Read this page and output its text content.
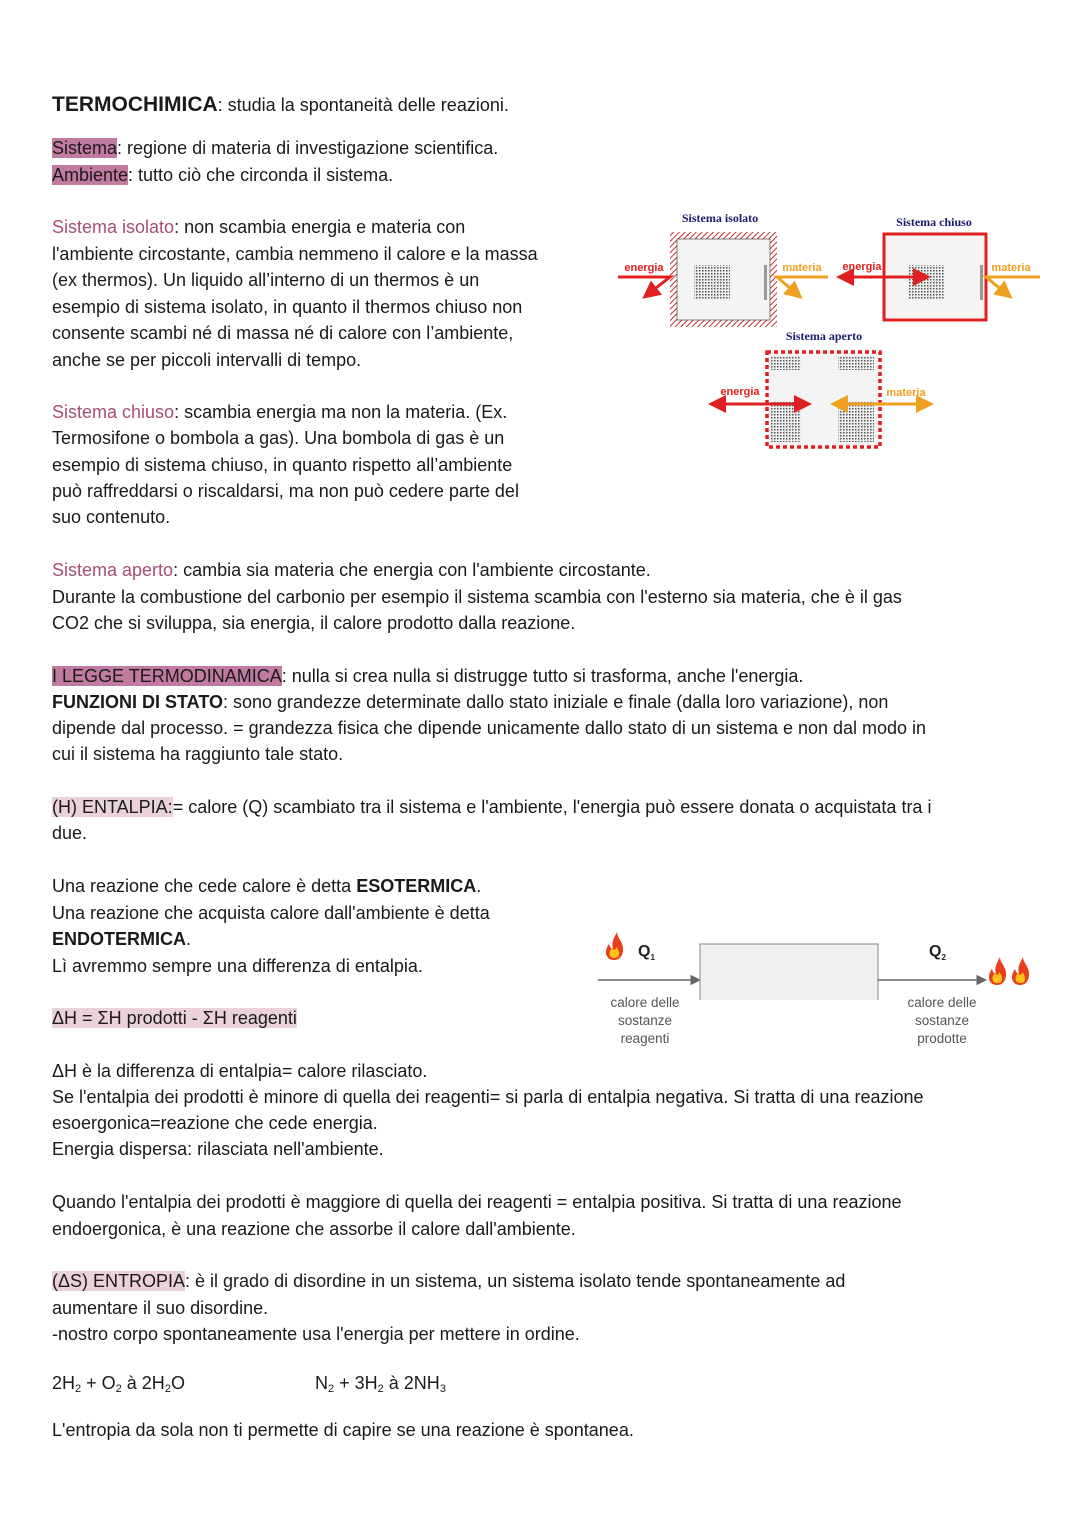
TERMOCHIMICA: studia la spontaneità delle reazioni.
Sistema: regione di materia di investigazione scientifica.
Ambiente: tutto ciò che circonda il sistema.
Sistema isolato: non scambia energia e materia con
l'ambiente circostante, cambia nemmeno il calore e la massa
(ex thermos). Un liquido all’interno di un thermos è un
esempio di sistema isolato, in quanto il thermos chiuso non
consente scambi né di massa né di calore con l’ambiente,
anche se per piccoli intervalli di tempo.
Sistema chiuso: scambia energia ma non la materia. (Ex.
Termosifone o bombola a gas). Una bombola di gas è un
esempio di sistema chiuso, in quanto rispetto all’ambiente
può raffreddarsi o riscaldarsi, ma non può cedere parte del
suo contenuto.
Sistema aperto: cambia sia materia che energia con l'ambiente circostante.
Durante la combustione del carbonio per esempio il sistema scambia con l'esterno sia materia, che è il gas
CO2 che si sviluppa, sia energia, il calore prodotto dalla reazione.
I LEGGE TERMODINAMICA: nulla si crea nulla si distrugge tutto si trasforma, anche l'energia.
FUNZIONI DI STATO: sono grandezze determinate dallo stato iniziale e finale (dalla loro variazione), non
dipende dal processo. = grandezza fisica che dipende unicamente dallo stato di un sistema e non dal modo in
cui il sistema ha raggiunto tale stato.
(H) ENTALPIA:= calore (Q) scambiato tra il sistema e l'ambiente, l'energia può essere donata o acquistata tra i
due.
Una reazione che cede calore è detta ESOTERMICA.
Una reazione che acquista calore dall'ambiente è detta
ENDOTERMICA.
Lì avremmo sempre una differenza di entalpia.
ΔH = ΣH prodotti - ΣH reagenti
ΔH è la differenza di entalpia= calore rilasciato.
Se l'entalpia dei prodotti è minore di quella dei reagenti= si parla di entalpia negativa. Si tratta di una reazione
esoergonica=reazione che cede energia.
Energia dispersa: rilasciata nell'ambiente.
Quando l'entalpia dei prodotti è maggiore di quella dei reagenti = entalpia positiva. Si tratta di una reazione
endoergonica, è una reazione che assorbe il calore dall'ambiente.
(ΔS) ENTROPIA: è il grado di disordine in un sistema, un sistema isolato tende spontaneamente ad
aumentare il suo disordine.
-nostro corpo spontaneamente usa l'energia per mettere in ordine.
$2H_2 + O_2$ à $2H_2O$	$N_2 + 3H_2$ à $2NH_3$
L'entropia da sola non ti permette di capire se una reazione è spontanea.
Sistema isolato
energia	materia
Sistema chiuso
energia	materia
Sistema aperto
energia	materia
$Q_1$	$Q_2$
calore delle
sostanze
reagenti
calore delle
sostanze
prodotte
